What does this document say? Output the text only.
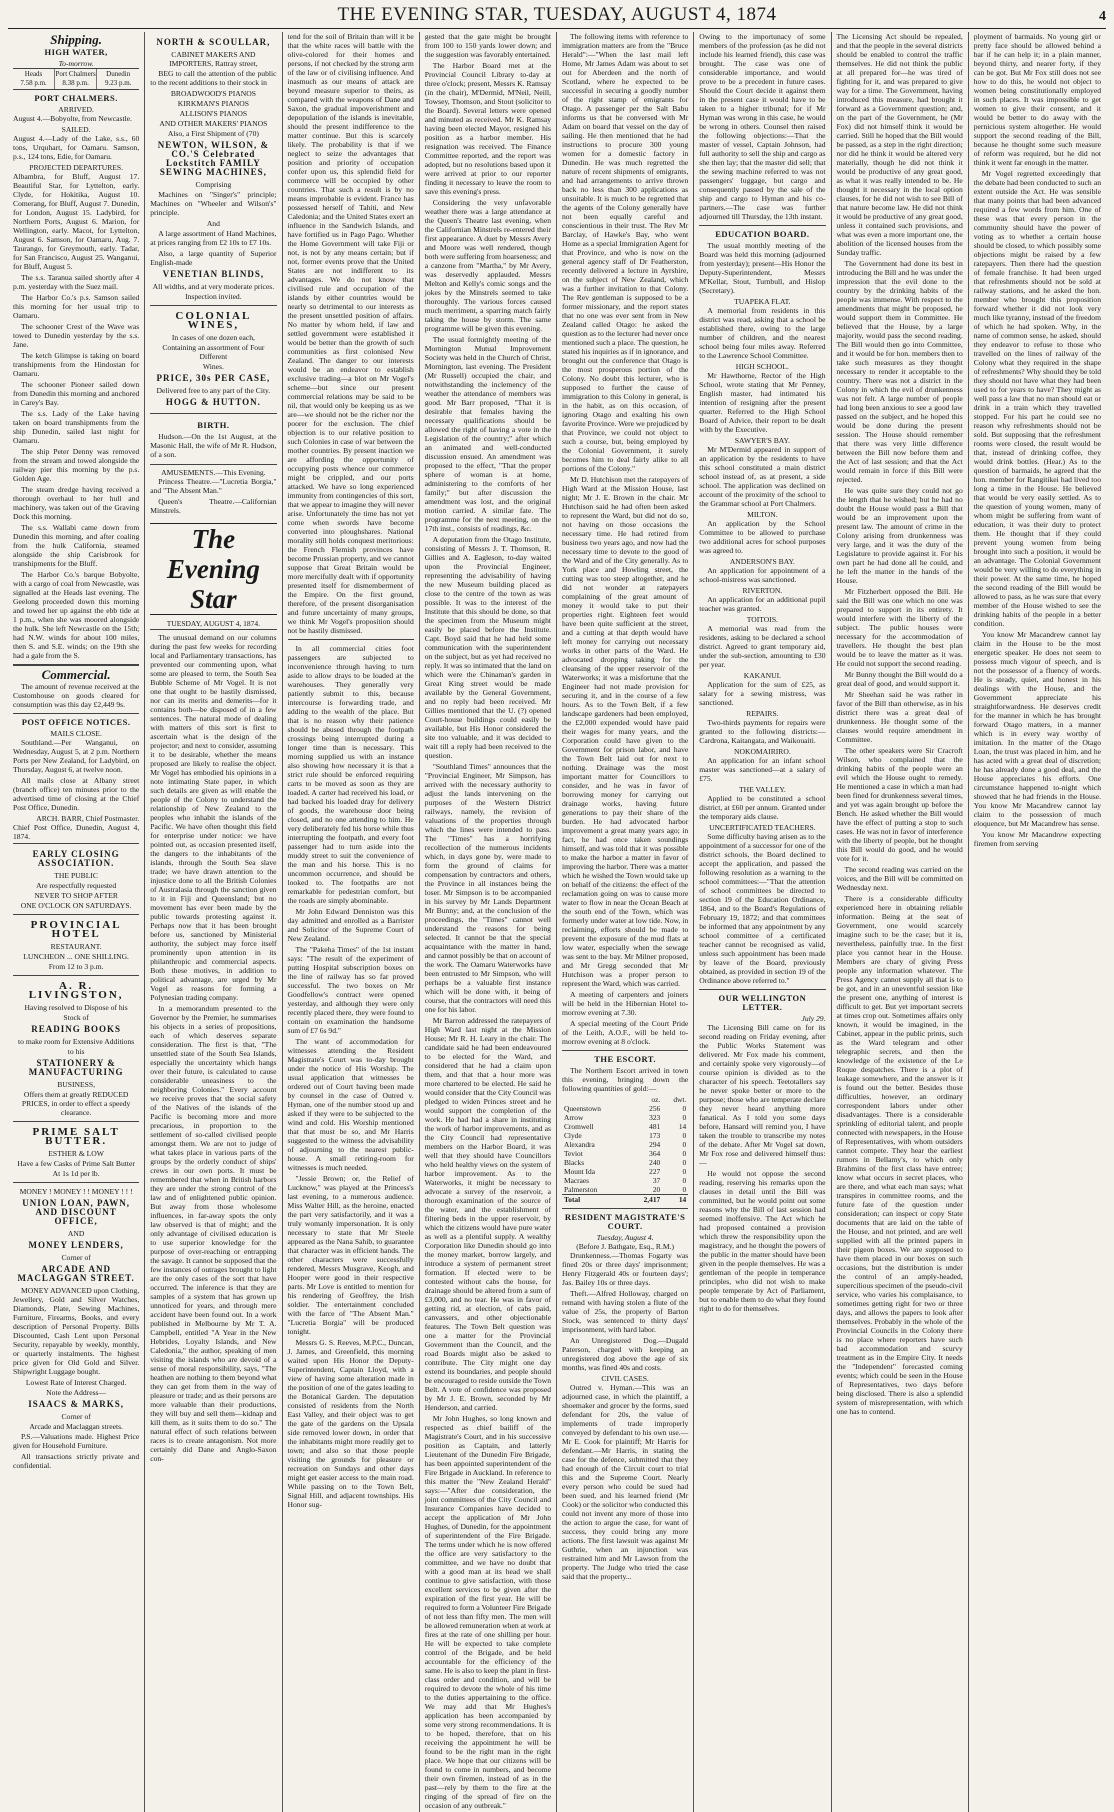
THE EVENING STAR, TUESDAY, AUGUST 4, 1874	4
Shipping.
HIGH WATER,
To-morrow.
Heads
7.58 p.m.
Port Chalmers
8.38 p.m.
Dunedin
9.23 p.m.
PORT CHALMERS.
ARRIVED.

August 4.—Bobyolte, from Newcastle.

SAILED.

August 4.—Lady of the Lake, s.s., 60 tons, Urquhart, for Oamaru. Samson, p.s., 124 tons, Edie, for Oamaru.

PROJECTED DEPARTURES.

Albambra, for Bluff, August 17. Beautiful Star, for Lyttelton, early. Clyde, for Hokitika, August 10. Comerang, for Bluff, August 7. Dunedin, for London, August 15. Ladybird, for Northern Ports, August 6. Marion, for Wellington, early. Macot, for Lyttelton, August 6. Samson, for Oamaru, Aug. 7. Taurango, for Greymouth, early. Tadar, for San Francisco, August 25. Wanganui, for Bluff, August 5.

The s.s. Taranua sailed shortly after 4 p.m. yesterday with the Suez mail.

The Harbor Co.'s p.s. Samson sailed this morning for her usual trip to Oamaru.

The schooner Crest of the Wave was towed to Dunedin yesterday by the s.s. Jane.

The ketch Glimpse is taking on board transhipments from the Hindostan for Oamaru.

The schooner Pioneer sailed down from Dunedin this morning and anchored in Carey's Bay.

The s.s. Lady of the Lake having taken on board transhipments from the ship Dunedin, sailed last night for Oamaru.

The ship Peter Denny was removed from the stream and towed alongside the railway pier this morning by the p.s. Golden Age.

The steam dredge having received a thorough overhaul to her hull and machinery, was taken out of the Graving Dock this morning.

The s.s. Wallabi came down from Dunedin this morning, and after coaling from the hulk California, steamed alongside the ship Carisbrook for transhipments for the Bluff.

The Harbor Co.'s barque Bobyolte, with a cargo of coal from Newcastle, was signalled at the Heads last evening. The Geelong proceeded down this morning and towed her up against the ebb tide at 1 p.m., when she was moored alongside the hulk. She left Newcastle on the 15th; had N.W. winds for about 100 miles, then S. and S.E. winds; on the 19th she had a gale from the S.

Commercial.

The amount of revenue received at the Customhouse on goods cleared for consumption was this day £2,449 9s.

POST OFFICE NOTICES.
MAILS CLOSE.

Southland.—Per Wanganui, on Wednesday, August 5, at 2 p.m. Northern Ports per New Zealand, for Ladybird, on Thursday, August 6, at twelve noon.

All mails close at Albany street (branch office) ten minutes prior to the advertised time of closing at the Chief Post Office, Dunedin.

ARCH. BARR, Chief Postmaster.

Chief Post Office, Dunedin, August 4, 1874.

EARLY CLOSING ASSOCIATION.
THE PUBLIC
Are respectfully requested
NEVER TO SHOP AFTER
ONE O'CLOCK ON SATURDAYS.
PROVINCIAL HOTEL
RESTAURANT.
LUNCHEON ... ONE SHILLING.
From 12 to 3 p.m.
A. R. LIVINGSTON,
Having resolved to Dispose of his
Stock of
READING BOOKS
to make room for Extensive Additions
to his
STATIONERY & MANUFACTURING
BUSINESS,
Offers them at greatly REDUCED PRICES, in order to effect a speedy clearance.
PRIME SALT BUTTER.
ESTHER & LOW
Have a few Casks of Prime Salt Butter
At 1s 1d per lb.
MONEY ! MONEY ! ! MONEY ! ! !
UNION LOAN, PAWN, AND DISCOUNT OFFICE,
AND
MONEY LENDERS,
Corner of
ARCADE AND MACLAGGAN STREET.

MONEY ADVANCED upon Clothing, Jewellery, Gold and Silver Watches, Diamonds, Plate, Sewing Machines, Furniture, Firearms, Books, and every description of Personal Property. Bills Discounted, Cash Lent upon Personal Security, repayable by weekly, monthly, or quarterly instalments. The highest price given for Old Gold and Silver. Shipwright Luggage bought.

Lowest Rate of Interest Charged.
Note the Address—
ISAACS & MARKS,
Corner of
Arcade and Maclaggan streets.

P.S.—Valuations made. Highest Price given for Household Furniture.

All transactions strictly private and confidential.

NORTH & SCOULLAR,
CABINET MAKERS AND IMPORTERS, Rattray street,

BEG to call the attention of the public to the recent additions to their stock in

BROADWOOD'S PIANOS
KIRKMAN'S PIANOS
ALLISON'S PIANOS
AND OTHER MAKERS' PIANOS
Also, a First Shipment of (70)
NEWTON, WILSON, & CO.'S Celebrated Lockstitch FAMILY SEWING MACHINES,
Comprising

Machines on "Singer's" principle; Machines on "Wheeler and Wilson's" principle.

And

A large assortment of Hand Machines, at prices ranging from £2 10s to £7 10s.

Also, a large quantity of Superior English-made

VENETIAN BLINDS,
All widths, and at very moderate prices.
Inspection invited.
COLONIAL WINES,
In cases of one dozen each,
Containing an assortment of Four Different
Wines.
PRICE, 30s PER CASE,
Delivered free to any part of the City.
HOGG & HUTTON.
BIRTH.

Hudson.—On the 1st August, at the Masonic Hall, the wife of Mr R. Hudson, of a son.

AMUSEMENTS.—This Evening.

Princess Theatre.—"Lucretia Borgia," and "The Absent Man."

Queen's Theatre.—Californian Minstrels.

The Evening Star
TUESDAY, AUGUST 4, 1874.

The unusual demand on our columns during the past few weeks for recording local and Parliamentary transactions, has prevented our commenting upon, what some are pleased to term, the South Sea Bubble Scheme of Mr Vogel. It is not one that ought to be hastily dismissed, nor can its merits and demerits—for it contains both—be disposed of in a few sentences. The natural mode of dealing with matters of this sort is first to ascertain what is the design of the projector; and next to consider, assuming it to be desirable, whether the means proposed are likely to realise the object. Mr Vogel has embodied his opinions in a note intimating State paper, in which such details are given as will enable the people of the Colony to understand the relationship of New Zealand to the peoples who inhabit the islands of the Pacific. We have often thought this field for enterprise under notice: we have pointed out, as occasion presented itself, the dangers to the inhabitants of the islands, through the South Sea slave trade; we have drawn attention to the injustice done to all the British Colonies of Australasia through the sanction given to it in Fiji and Queensland; but no movement has ever been made by the public towards protesting against it. Perhaps now that it has been brought before us, sanctioned by Ministerial authority, the subject may force itself prominently upon attention in its philanthropic and commercial aspects. Both these motives, in addition to political advantage, are urged by Mr Vogel as reasons for forming a Polynesian trading company.

In a memorandum presented to the Governor by the Premier, he summarises his objects in a series of propositions, each of which deserves separate consideration. The first is that, "The unsettled state of the South Sea Islands, especially the uncertainty which hangs over their future, is calculated to cause considerable uneasiness to the neighboring Colonies." Every account we receive proves that the social safety of the Natives of the islands of the Pacific is becoming more and more precarious, in proportion to the settlement of so-called civilised people amongst them. We are not to judge of what takes place in various parts of the groups by the orderly conduct of ships' crews in our own ports. It must be remembered that when in British harbors they are under the strong control of the law and of enlightened public opinion. But away from those wholesome influences, in far-away spots the only law observed is that of might; and the only advantage of civilised education is to use superior knowledge for the purpose of over-reaching or entrapping the savage. It cannot be supposed that the few instances of outrages brought to light are the only cases of the sort that have occurred. The inference is that they are samples of a system that has grown up unnoticed for years, and through mere accident have been found out. In a work published in Melbourne by Mr T. A. Campbell, entitled "A Year in the New Hebrides, Loyalty Islands, and New Caledonia," the author, speaking of men visiting the islands who are devoid of a sense of moral responsibility, says, "The heathen are nothing to them beyond what they can get from them in the way of pleasure or trade; and as their persons are more valuable than their productions, they will buy and sell them—kidnap and kill them, as it suits them to do so." The natural effect of such relations between races is to create antagonism. Not more certainly did Dane and Anglo-Saxon con-

tend for the soil of Britain than will it be that the white races will battle with the olive-colored for their homes and persons, if not checked by the strong arm of the law or of civilising influence. And inasmuch as our means of attack are beyond measure superior to theirs, as compared with the weapons of Dane and Saxon, the gradual impoverishment and depopulation of the islands is inevitable, should the present indifference to the matter continue. But this is scarcely likely. The probability is that if we neglect to seize the advantages that position and priority of occupation confer upon us, this splendid field for commerce will be occupied by other countries. That such a result is by no means improbable is evident. France has possessed herself of Tahiti, and New Caledonia; and the United States exert an influence in the Sandwich Islands, and have fortified us in Pago Pago. Whether the Home Government will take Fiji or not, is not by any means certain; but if not, former events prove that the United States are not indifferent to its advantages. We do not know that civilised rule and occupation of the islands by either countries would be nearly so detrimental to our interests as the present unsettled position of affairs. No matter by whom held, if law and settled government were established it would be better than the growth of such communities as first colonised New Zealand. The danger to our interests would be an endeavor to establish exclusive trading—a blot on Mr Vogel's scheme—but since our present commercial relations may be said to be nil, that would only be keeping us as we are—we should not be the richer nor the poorer for the exclusion. The chief objection is to our relative position to such Colonies in case of war between the mother countries. By present inaction we are affording the opportunity of occupying posts whence our commerce might be crippled, and our ports attacked. We have so long experienced immunity from contingencies of this sort, that we appear to imagine they will never arise. Unfortunately the time has not yet come when swords have become converted into ploughshares. National morality still holds conquest meritorious: the French Flemish provinces have become Prussian property, and we cannot suppose that Great Britain would be more mercifully dealt with if opportunity presented itself for dismemberment of the Empire. On the first ground, therefore, of the present disorganisation and future uncertainty of many groups, we think Mr Vogel's proposition should not be hastily dismissed.

In all commercial cities foot passengers are subjected to inconvenience through having to turn aside to allow drays to be loaded at the warehouses. They generally very patiently submit to this, because intercourse is forwarding trade, and adding to the wealth of the place. But that is no reason why their patience should be abused through the footpath crossings being interrupted during a longer time than is necessary. This morning supplied us with an instance also showing how necessary it is that a strict rule should be enforced requiring carts to be moved as soon as they are loaded. A carter had received his load, or had backed his loaded dray for delivery of goods, the warehouse door being closed, and no one attending to him. He very deliberately fed his horse while thus interrupting the footpath, and every foot passenger had to turn aside into the muddy street to suit the convenience of the man and his horse. This is no uncommon occurrence, and should be looked to. The footpaths are not remarkable for pedestrian comfort, but the roads are simply abominable.

Mr John Edward Denniston was this day admitted and enrolled as a Barrister and Solicitor of the Supreme Court of New Zealand.

The "Pakeha Times" of the 1st instant says: "The result of the experiment of putting Hospital subscription boxes on the line of railway has so far proved successful. The two boxes on Mr Goodfellow's contract were opened yesterday, and although they were only recently placed there, they were found to contain on examination the handsome sum of £7 6s 9d."

The want of accommodation for witnesses attending the Resident Magistrate's Court was to-day brought under the notice of His Worship. The usual application that witnesses be ordered out of Court having been made by counsel in the case of Outred v. Hyman, one of the number stood up and asked if they were to be subjected to the wind and cold. His Worship mentioned that that must be so, and Mr Harris suggested to the witness the advisability of adjourning to the nearest public-house. A small retiring-room for witnesses is much needed.

"Jessie Brown; or, the Relief of Lucknow," was played at the Princess's last evening, to a numerous audience. Miss Walter Hill, as the heroine, enacted the part very satisfactorily, and it was a truly womanly impersonation. It is only necessary to state that Mr Steele appeared as the Nana Sahib, to guarantee that character was in efficient hands. The other characters were successfully rendered, Messrs Musgrave, Keogh, and Hooper were good in their respective parts. Mr Love is entitled to mention for his rendering of Geoffrey, the Irish soldier. The entertainment concluded with the farce of "The Absent Man." "Lucretia Borgia" will be produced tonight.

Messrs G. S. Reeves, M.P.C., Duncan, J. James, and Greenfield, this morning waited upon His Honor the Deputy-Superintendent, Captain Lloyd, with a view of having some alteration made in the position of one of the gates leading to the Botanical Garden. The deputation consisted of residents from the North East Valley, and their object was to get the gate of the gardens on the Upsala side removed lower down, in order that the inhabitants might more readily get to town; and also so that those people visiting the grounds for pleasure or recreation on Sundays and other days might get easier access to the main road. While passing on to the Town Belt, Signal Hill, and adjacent townships. His Honor sug-

gested that the gate might be brought from 100 to 150 yards lower down; and the suggestion was favorably entertained.

The Harbor Board met at the Provincial Council Library to-day at three o'clock; present, Messrs K. Ramsay (in the chair), M'Dermid, M'Neil, Neill, Towsey, Thomson, and Stout (solicitor to the Board). Several letters were opened and minuted as received. Mr K. Ramsay having been elected Mayor, resigned his position as a harbor member. His resignation was received. The Finance Committee reported, and the report was adopted, but no resolutions based upon it were arrived at prior to our reporter finding it necessary to leave the room to save this evening's press.

Considering the very unfavorable weather there was a large attendance at the Queen's Theatre last evening, when the Californian Minstrels re-entered their first appearance. A duet by Messrs Avery and Moore was well rendered, though both were suffering from hoarseness; and a canzone from "Martha," by Mr Avery, was deservedly applauded. Messrs Melton and Kelly's comic songs and the jokes by the Minstrels seemed to take thoroughly. The various forces caused much merriment, a sparring match fairly taking the house by storm. The same programme will be given this evening.

The usual fortnightly meeting of the Mornington Mutual Improvement Society was held in the Church of Christ, Mornington, last evening. The President (Mr Russell) occupied the chair, and notwithstanding the inclemency of the weather the attendance of members was good. Mr Barr proposed, "That it is desirable that females having the necessary qualifications should be allowed the right of having a vote in the Legislation of the country;" after which an animated and well-conducted discussion ensued. An amendment was proposed to the effect, "That the proper sphere of woman is at home, administering to the comforts of her family;" but after discussion the amendment was lost, and the original motion carried. A similar fate. The programme for the next meeting, on the 17th inst., consists of readings, &c.

A deputation from the Otago Institute, consisting of Messrs J. T. Thomson, R. Gillies and A. Eagleson, to-day waited upon the Provincial Engineer, representing the advisability of having the new Museum building placed as close to the centre of the town as was possible. It was to the interest of the Institute that this should be done, so that the specimen from the Museum might easily be placed before the Institute. Capt. Boyd said that he had held some communication with the superintendent on the subject, but as yet had received no reply. It was so intimated that the land on which were the Chinaman's garden in Great King street would be made available by the General Government, and no reply had been received. Mr Gillies mentioned that the U. (?) opened Court-house buildings could easily be available, but His Honor considered the site too valuable, and it was decided to wait till a reply had been received to the question.

"Southland Times" announces that the "Provincial Engineer, Mr Simpson, has arrived with the necessary authority to adjust the lands intervening on the purposes of the Western District railways, namely, the revision of valuations of the properties through which the lines were intended to pass. The "Times" has a horrifying recollection of the numerous incidents which, in days gone by, were made to form the ground of claims for compensation by contractors and others, the Province in all instances being the loser. Mr Simpson is to be accompanied in his survey by Mr Lands Department Mr Bunny; and, at the conclusion of the proceedings, the "Times" cannot well understand the reasons for being selected. It cannot be that the special acquaintance with the matter in hand, and cannot possibly be that on account of the work. The Oamaru Waterworks have been entrusted to Mr Simpson, who will perhaps be a valuable first instance which will be done with, it being of course, that the contractors will need this one for his labor.

Mr Barron addressed the ratepayers of High Ward last night at the Mission House; Mr R. H. Leary in the chair. The candidate said he had been endeavoured to be elected for the Ward, and considered that he had a claim upon them, and that that a hour more was more chartered to be elected. He said he would consider that the City Council was pledged to widen Princes street and he would support the completion of the work. He had had a share in instituting the work of harbor improvements, and as the City Council had representative members on the Harbor Board, it was well that they should have Councillors who held healthy views on the system of harbor improvement. As to the Waterworks, it might be necessary to advocate a survey of the reservoir, a thorough examination of the source of the water, and the establishment of filtering beds in the upper reservoir, by which the citizens would have pure water as well as a plentiful supply. A wealthy Corporation like Dunedin should go into the money market, borrow largely, and introduce a system of permanent street formation. If elected were to be contested without cabs the house, for drainage should be altered from a sum of £3,000, and no tear. He was in favor of getting rid, at election, of cabs paid, canvassers, and other objectionable features. The Town Belt question was one a matter for the Provincial Government than the Council, and the road Boards might also be asked to contribute. The City might one day extend its boundaries, and people should be encouraged to reside outside the Town Belt. A vote of confidence was proposed by Mr J. E. Brown, seconded by Mr Henderson, and carried.

Mr John Hughes, so long known and respected as chief bailiff of the Magistrate's Court, and in his successive position as Captain, and latterly Lieutenant of the Dunedin Fire Brigade, has been appointed superintendent of the Fire Brigade in Auckland. In reference to this matter the "New Zealand Herald" says:—"After due consideration, the joint committees of the City Council and Insurance Companies have decided to accept the application of Mr John Hughes, of Dunedin, for the appointment of superintendent of the Fire Brigade. The terms under which he is now offered the office are very satisfactory to the committee, and we have no doubt that with a good man at its head we shall continue to give satisfaction, with those excellent services to be given after the expiration of the first year. He will be required to form a Volunteer Fire Brigade of not less than fifty men. The men will be allowed remuneration when at work at fires at the rate of one shilling per hour. He will be expected to take complete control of the Brigade, and be held accountable for the efficiency of the same. He is also to keep the plant in first-class order and condition, and will be required to devote the whole of his time to the duties appertaining to the office. We may add that Mr Hughes's application has been accompanied by some very strong recommendations. It is to be hoped, therefore, that on his receiving the appointment he will be found to be the right man in the right place. We hope that our citizens will be found to come in numbers, and become their own firemen, instead of as in the past—rely by them to the fire at the ringing of the spread of fire on the occasion of any outbreak."

The following items with reference to immigration matters are from the "Bruce Herald":—"When the last mail left Home, Mr James Adam was about to set out for Aberdeen and the north of Scotland, where he expected to be successful in securing a goodly number of the right stamp of emigrants for Otago. A passenger per the Salt Babu informs us that he conversed with Mr Adam on board that vessel on the day of sailing. He then mentioned that he had instructions to procure 300 young women for a domestic factory in Dunedin. He was much regretted the nature of recent shipments of emigrants, and had arrangements to arrive thrown back no less than 300 applications as unsuitable. It is much to be regretted that the agents of the Colony generally have not been equally careful and conscientious in their trust. The Rev Mr Barclay, of Hawke's Bay, who went Home as a special Immigration Agent for that Province, and who is now on the general agency staff of Dr Featherston, recently delivered a lecture in Ayrshire, on the subject of New Zealand, which was a further invitation to that Colony. The Rev gentleman is supposed to be a former missionary, and the report states that no one was ever sent from in New Zealand called Otago: he asked the question as to the lecturer had never once mentioned such a place. The question, he stated his inquiries as if in ignorance, and brought out the conference that Otago is the most prosperous portion of the Colony. No doubt this lecturer, who is supposed to further the cause of immigration to this Colony in general, is in the habit, as on this occasion, of ignoring Otago and exalting his own favorite Province. Were we prejudiced by that Province, we could not object to such a course, but, being employed by the Colonial Government, it surely becomes him to deal fairly alike to all portions of the Colony."

Mr D. Hutchison met the ratepayers of High Ward at the Mission House, last night; Mr J. E. Brown in the chair. Mr Hutchison said he had often been asked to represent the Ward, but did not do so, not having on those occasions the necessary time. He had retired from business two years ago, and now had the necessary time to devote to the good of the Ward and of the City generally. As to York place and Howling street, the cutting was too steep altogether, and he did not wonder at ratepayers complaining of the great amount of money it would take to put their properties right. Eighteen feet would have been quite sufficient at the street, and a cutting at that depth would have left money for carrying out necessary works in other parts of the Ward. He advocated dropping taking for the cleansing of the upper reservoir of the Waterworks; it was a misfortune that the Engineer had not made provision for securing it, and in the course of a few hours. As to the Town Belt, if a few landscape gardeners had been employed, the £2,000 expended would have paid their wages for many years, and the Corporation could have given to the Government for prison labor, and have the Town Belt laid out for next to nothing. Drainage was the most important matter for Councillors to consider, and he was in favor of borrowing money for carrying out drainage works, having future generations to pay their share of the burden. He had advocated harbor improvement a great many years ago; in fact, he had once taken soundings himself, and was told that it was possible to make the harbor a matter in favor of improving the harbor. There was a matter which he wished the Town would take up on behalf of the citizens: the effect of the reclamation going on was to cause more water to flow in near the Ocean Beach at the south end of the Town, which was formerly under water at low tide. Now, in reclaiming, efforts should be made to prevent the exposure of the mud flats at low water, especially when the sewage was sent to the bay. Mr Milner proposed, and Mr Gregg seconded that Mr Hutchison was a proper person to represent the Ward, which was carried.

A meeting of carpenters and joiners will be held in the Hibernian Hotel to-morrow evening at 7.30.

A special meeting of the Court Pride of the Leith, A.O.F., will be held to-morrow evening at 8 o'clock.

THE ESCORT.

The Northern Escort arrived in town this evening, bringing down the following quantities of gold:—

	oz.	dwt.
Queenstown	256	0
Arrow	323	0
Cromwell	481	14
Clyde	173	0
Alexandra	294	0
Teviot	364	0
Blacks	240	0
Mount Ida	227	0
Macraes	37	0
Palmerston	20	0
Total	2,417	14
RESIDENT MAGISTRATE'S COURT.
Tuesday, August 4.
(Before J. Bathgate, Esq., R.M.)

Drunkenness.—Thomas Fogarty was fined 20s or three days' imprisonment; Henry Fitzgerald 40s or fourteen days'; Jas. Bailey 10s or three days.

Theft.—Alfred Holloway, charged on remand with having stolen a flute of the value of 25s, the property of Barton Stock, was sentenced to thirty days' imprisonment, with hard labor.

An Unregistered Dog.—Dugald Paterson, charged with keeping an unregistered dog above the age of six months, was fined 40s and costs.

CIVIL CASES.

Outred v. Hyman.—This was an adjourned case, in which the plaintiff, a shoemaker and grocer by the forms, sued defendant for 20s, the value of implements of trade improperly conveyed by defendant to his own use.—Mr E. Cook for plaintiff; Mr Harris for defendant.—Mr Harris, in stating the case for the defence, submitted that they had enough of the Circuit court to trial this and the Supreme Court. Nearly every person who could be sued had been sued, and his learned friend (Mr Cook) or the solicitor who conducted this could not invent any more of those into the action to argue the case, for want of success, they could bring any more actions. The first lawsuit was against Mr Guthrie, when an injunction was restrained him and Mr Lawson from the property. The Judge who tried the case said that the property...

Owing to the importunacy of some members of the profession (as he did not include his learned friend), this case was brought. The case was one of considerable importance, and would prove to be a precedent in future cases. Should the Court decide it against them in the present case it would have to be taken to a higher tribunal; for if Mr Hyman was wrong in this case, he would be wrong in others. Counsel then raised the following objections:—That the master of vessel, Captain Johnson, had full authority to sell the ship and cargo as she then lay; that the master did sell; that the sewing machine referred to was not passengers' luggage, but cargo and consequently passed by the sale of the ship and cargo to Hyman and his co-partners.—The case was further adjourned till Thursday, the 13th instant.

EDUCATION BOARD.

The usual monthly meeting of the Board was held this morning (adjourned from yesterday); present—His Honor the Deputy-Superintendent, Messrs M'Kellar, Stout, Turnbull, and Hislop (Secretary).

TUAPEKA FLAT.

A memorial from residents in this district was read, asking that a school be established there, owing to the large number of children, and the nearest school being four miles away. Referred to the Lawrence School Committee.

HIGH SCHOOL.

Mr Hawthorne, Rector of the High School, wrote stating that Mr Penney, English master, had intimated his intention of resigning after the present quarter. Referred to the High School Board of Advice, their report to be dealt with by the Executive.

SAWYER'S BAY.

Mr M'Dermid appeared in support of an application by the residents to have this school constituted a main district school instead of, as at present, a side school. The application was declined on account of the proximity of the school to the Grammar school at Port Chalmers.

MILTON.

An application by the School Committee to be allowed to purchase two additional acres for school purposes was agreed to.

ANDERSON'S BAY.

An application for appointment of a school-mistress was sanctioned.

RIVERTON.

An application for an additional pupil teacher was granted.

TOITOIS.

A memorial was read from the residents, asking to be declared a school district. Agreed to grant temporary aid, under the sub-section, amounting to £30 per year.

KAKANUI.

Application for the sum of £25, as salary for a sewing mistress, was sanctioned.

REPAIRS.

Two-thirds payments for repairs were granted to the following districts:—Cardrona, Kaitangata, and Waikouaiti.

NOKOMAIRIRO.

An application for an infant school master was sanctioned—at a salary of £75.

THE VALLEY.

Applied to be constituted a school district, at £60 per annum. Granted under the temporary aids clause.

UNCERTIFICATED TEACHERS.

Some difficulty having arisen as to the appointment of a successor for one of the district schools, the Board declined to accept the application, and passed the following resolution as a warning to the school committees:—"That the attention of school committees be directed to section 19 of the Education Ordinance, 1864, and to the Board's Regulations of February 19, 1872; and that committees be informed that any appointment by any school committee of a certificated teacher cannot be recognised as valid, unless such appointment has been made by leave of the Board, previously obtained, as provided in section 19 of the Ordinance above referred to."

OUR WELLINGTON LETTER.
July 29.

The Licensing Bill came on for its second reading on Friday evening, after the Public Works Statement was delivered. Mr Fox made his comment, and certainly spoke very vigorously—of course opinion is divided as to the character of his speech. Teetotallers say he never spoke better or more to the purpose; those who are temperate declare they never heard anything more fanatical. As I told you some days before, Hansard will remind you, I have taken the trouble to transcribe my notes of the debate. After Mr Vogel sat down, Mr Fox rose and delivered himself thus:—

He would not oppose the second reading, reserving his remarks upon the clauses in detail until the Bill was committed, but he would point out some reasons why the Bill of last session had seemed inoffensive. The Act which he had proposed contained a provision which threw the responsibility upon the magistracy, and he thought the powers of the public in the matter should have been given in the people themselves. He was a gentleman of the people in temperance principles, who did not wish to make people temperate by Act of Parliament, but to enable them to do what they found right to do for themselves.

The Licensing Act should be repealed, and that the people in the several districts should be enabled to control the traffic themselves. He did not think the public at all prepared for—he was tired of fighting for it, and was prepared to give way for a time. The Government, having introduced this measure, had brought it forward as a Government question; and, on the part of the Government, he (Mr Fox) did not himself think it would be carried. Still he hoped that the Bill would be passed, as a step in the right direction; nor did he think it would be altered very materially, though he did not think it would be productive of any great good, as what it was really intended to be. He thought it necessary in the local option clauses, for he did not wish to see Bill of that nature become law. He did not think it would be productive of any great good, unless it contained such provisions, and what was even a more important one, the abolition of the licensed houses from the Sunday traffic.

The Government had done its best in introducing the Bill and he was under the impression that the evil done to the country by the drinking habits of the people was immense. With respect to the amendments that might be proposed, he would support them in Committee. He believed that the House, by a large majority, would pass the second reading. The Bill would then go into Committee, and it would be for hon. members then to take such measures as they thought necessary to render it acceptable to the country. There was not a district in the Colony in which the evil of drunkenness was not felt. A large number of people had long been anxious to see a good law passed on the subject, and he hoped this would be done during the present session. The House should remember that there was very little difference between the Bill now before them and the Act of last session; and that the Act would remain in force if this Bill were rejected.

He was quite sure they could not go the length that he wished; but he had no doubt the House would pass a Bill that would be an improvement upon the present law. The amount of crime in the Colony arising from drunkenness was very large, and it was the duty of the Legislature to provide against it. For his own part he had done all he could, and he left the matter in the hands of the House.

Mr Fitzherbert opposed the Bill. He said the Bill was one which no one was prepared to support in its entirety. It would interfere with the liberty of the subject. The public houses were necessary for the accommodation of travellers. He thought the best plan would be to leave the matter as it was. He could not support the second reading.

Mr Bunny thought the Bill would do a great deal of good, and would support it.

Mr Sheehan said he was rather in favor of the Bill than otherwise, as in his district there was a great deal of drunkenness. He thought some of the clauses would require amendment in Committee.

The other speakers were Sir Cracroft Wilson, who complained that the drinking habits of the people were an evil which the House ought to remedy. He mentioned a case in which a man had been fined for drunkenness several times, and yet was again brought up before the Bench. He asked whether the Bill would have the effect of putting a stop to such cases. He was not in favor of interference with the liberty of people, but he thought this Bill would do good, and he would vote for it.

The second reading was carried on the voices, and the Bill will be committed on Wednesday next.

There is a considerable difficulty experienced here in obtaining reliable information. Being at the seat of Government, one would scarcely imagine such to be the case; but it is, nevertheless, painfully true. In the first place you cannot hear in the House. Members are chary of giving Press people any information whatever. The Press Agency cannot supply all that is to be got, and in an uneventful session like the present one, anything of interest is difficult to get. But yet important secrets at times crop out. Sometimes affairs only known, it would be imagined, in the Cabinet, appear in the public prints, such as the Ward telegram and other telegraphic secrets, and then the knowledge of the existence of the Le Roque despatches. There is a plot of leakage somewhere, and the answer is it is found out the better. Besides those difficulties, however, an ordinary correspondent labors under other disadvantages. There is a considerable sprinkling of editorial talent, and people connected with newspapers, in the House of Representatives, with whom outsiders cannot compete. They hear the earliest rumors in Bellamy's, to which only Brahmins of the first class have entree; know what occurs in secret places, who are there, and what each man says; what transpires in committee rooms, and the future fate of the question under consideration; can inspect or copy State documents that are laid on the table of the House, and not printed, and are well supplied with all the printed papers in their pigeon boxes. We are supposed to have them placed in our boxes on such occasions, but the distribution is under the control of an amply-headed, supercilious specimen of the pseudo-civil service, who varies his complaisance, to sometimes getting right for two or three days, and allows the papers to look after themselves. Probably in the whole of the Provincial Councils in the Colony there is no place where reporters have such bad accommodation and scurvy treatment as in the Empire City. It needs the "Independent" forecasted coming events; which could be seen in the House of Representatives, two days before being disclosed. There is also a splendid system of misrepresentation, with which one has to contend.

ployment of barmaids. No young girl or pretty face should be allowed behind a bar if he can help it; in a plain manner, beyond thirty, and nearer forty, if they can be got. But Mr Fox still does not see how to do this, he would not object to women being constitutionally employed in such places. It was impossible to get women to give their consent, and it would be better to do away with the pernicious system altogether. He would support the second reading of the Bill, because he thought some such measure of reform was required, but he did not think it went far enough in the matter.

Mr Vogel regretted exceedingly that the debate had been conducted to such an extent outside the Act. He was sensible that many points that had been advanced required a few words from him. One of these was that every person in the community should have the power of voting as to whether a certain house should be closed, to which possibly some objections might be raised by a few ratepayers. Then there had the question of female franchise. It had been urged that refreshments should not be sold at railway stations, and he asked the hon. member who brought this proposition forward whether it did not look very much like tyranny, instead of the freedom of which he had spoken. Why, in the name of common sense, he asked, should they endeavor to refuse to those who travelled on the lines of railway of the Colony what they required in the shape of refreshments? Why should they be told they should not have what they had been used to for years to have? They might as well pass a law that no man should eat or drink in a train which they travelled stopped. For his part he could see no reason why refreshments should not be sold. But supposing that the refreshment rooms were closed, the result would be that, instead of drinking coffee, they would drink bottles. (Hear.) As to the question of barmaids, he agreed that the hon. member for Rangitikei had lived too long a time in the House. He believed that would be very easily settled. As to the question of young women, many of whom might be suffering from want of education, it was their duty to protect them. He thought that if they could prevent young women from being brought into such a position, it would be an advantage. The Colonial Government would be very willing to do everything in their power. At the same time, he hoped the second reading of the Bill would be allowed to pass, as he was sure that every member of the House wished to see the drinking habits of the people in a better condition.

You know Mr Macandrew cannot lay claim in the House to be the most energetic speaker. He does not seem to possess much vigour of speech, and is not the possessor of a fluency of words. He is steady, quiet, and honest in his dealings with the House, and the Government appreciate his straightforwardness. He deserves credit for the manner in which he has brought forward Otago matters, in a manner which is in every way worthy of imitation. In the matter of the Otago Loan, the trust was placed in him, and he has acted with a great deal of discretion; he has already done a good deal, and the House appreciates his efforts. One circumstance happened to-night which showed that he had friends in the House. You know Mr Macandrew cannot lay claim to the possession of much eloquence, but Mr Macandrew has sense.

You know Mr Macandrew expecting firemen from serving
